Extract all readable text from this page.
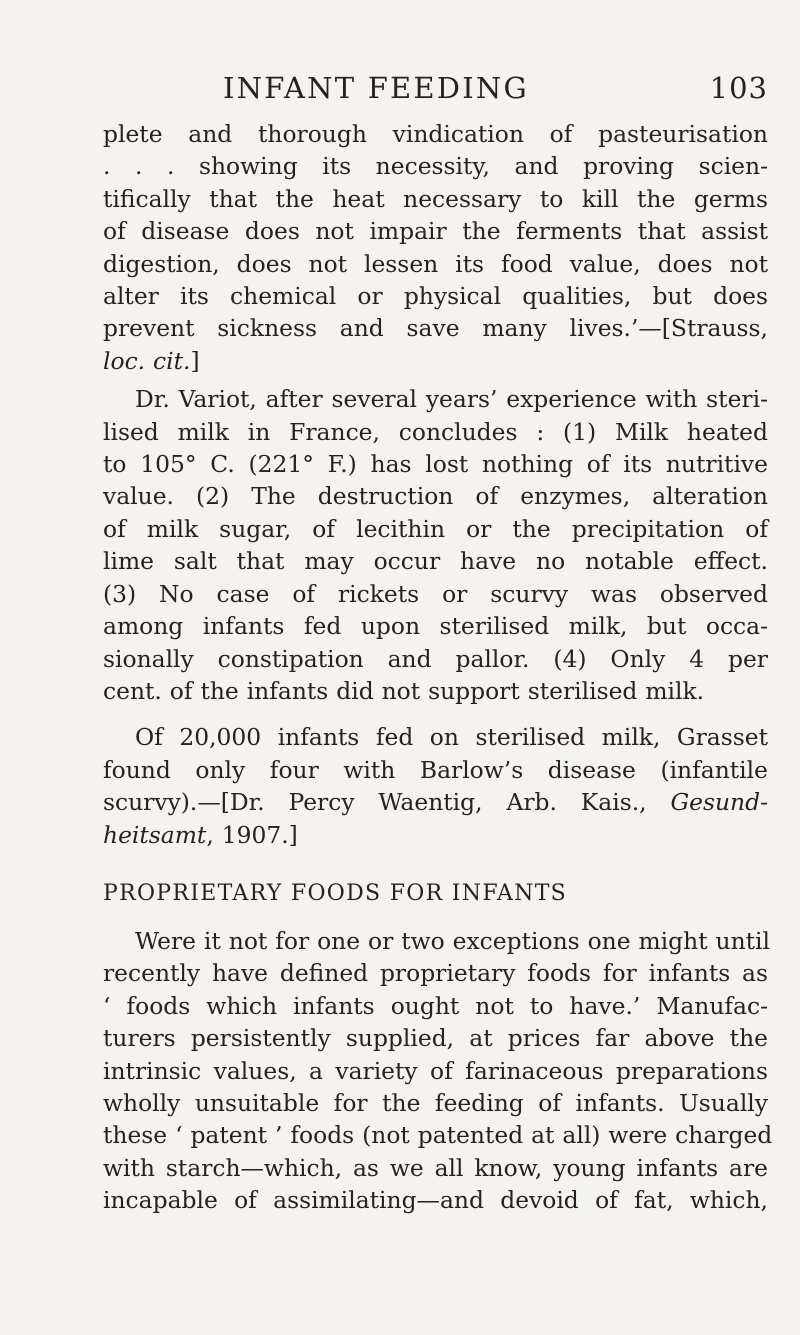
INFANT FEEDING	103

plete and thorough vindication of pasteurisation
. . . showing its necessity, and proving scien-
tifically that the heat necessary to kill the germs
of disease does not impair the ferments that assist
digestion, does not lessen its food value, does not
alter its chemical or physical qualities, but does
prevent sickness and save many lives.’—[Strauss,
loc. cit.]

Dr. Variot, after several years’ experience with steri-
lised milk in France, concludes : (1) Milk heated
to 105° C. (221° F.) has lost nothing of its nutritive
value. (2) The destruction of enzymes, alteration
of milk sugar, of lecithin or the precipitation of
lime salt that may occur have no notable effect.
(3) No case of rickets or scurvy was observed
among infants fed upon sterilised milk, but occa-
sionally constipation and pallor. (4) Only 4 per
cent. of the infants did not support sterilised milk.

Of 20,000 infants fed on sterilised milk, Grasset
found only four with Barlow’s disease (infantile
scurvy).—[Dr. Percy Waentig, Arb. Kais., Gesund-
heitsamt, 1907.]

PROPRIETARY FOODS FOR INFANTS

Were it not for one or two exceptions one might until
recently have defined proprietary foods for infants as
‘ foods which infants ought not to have.’ Manufac-
turers persistently supplied, at prices far above the
intrinsic values, a variety of farinaceous preparations
wholly unsuitable for the feeding of infants. Usually
these ‘ patent ’ foods (not patented at all) were charged
with starch—which, as we all know, young infants are
incapable of assimilating—and devoid of fat, which,
